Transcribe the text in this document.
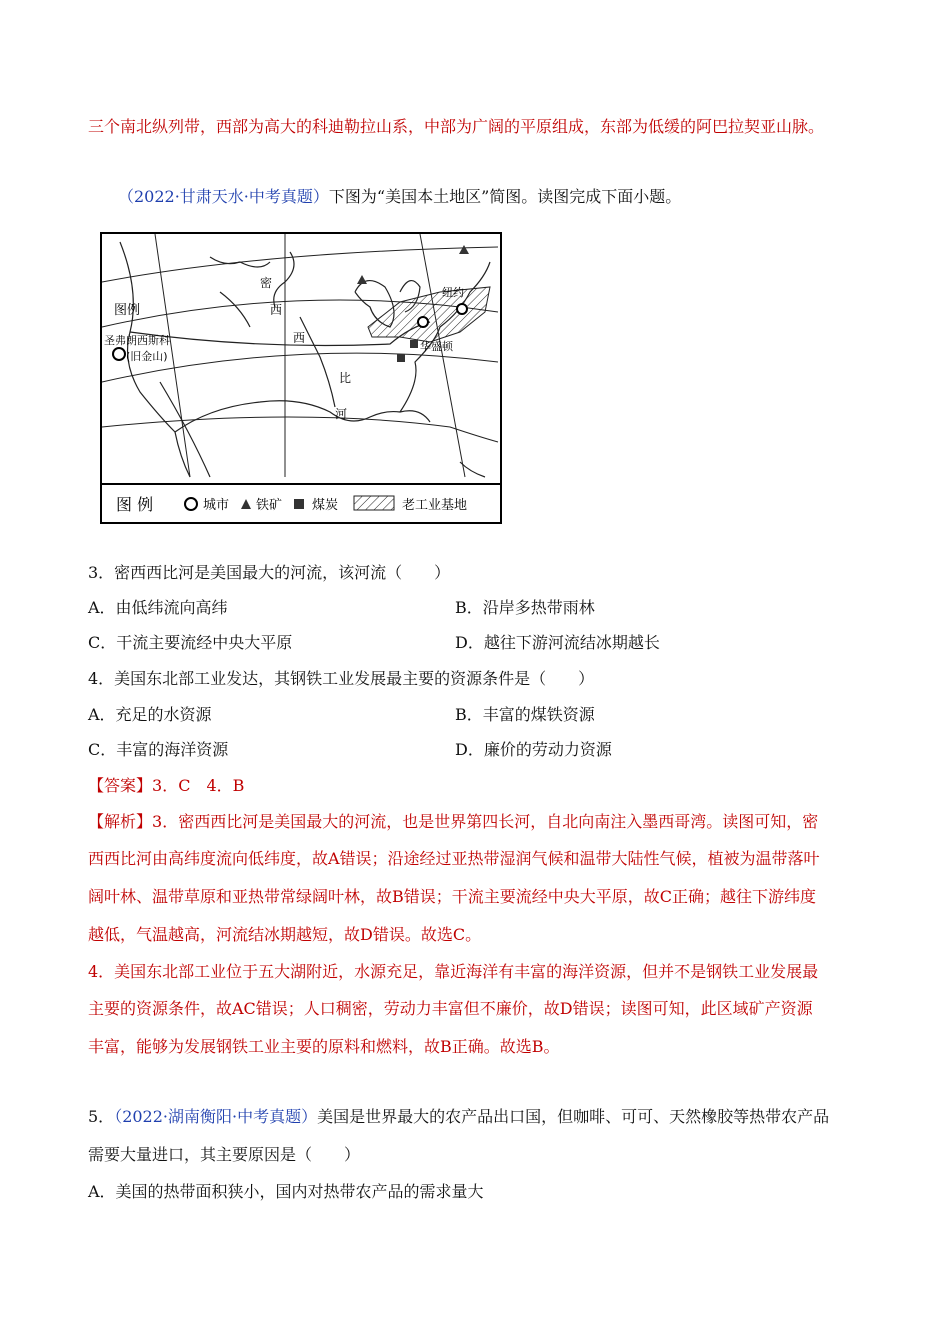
三个南北纵列带，西部为高大的科迪勒拉山系，中部为广阔的平原组成，东部为低缓的阿巴拉契亚山脉。
（2022·甘肃天水·中考真题）下图为“美国本土地区”简图。读图完成下面小题。
图例
圣弗朗西斯科
(旧金山)
密
西
西
比
河
纽约
华盛顿
图 例	城市 铁矿 煤炭	老工业基地
3．密西西比河是美国最大的河流，该河流（　　）
A．由低纬流向高纬	B．沿岸多热带雨林
C．干流主要流经中央大平原	D．越往下游河流结冰期越长
4．美国东北部工业发达，其钢铁工业发展最主要的资源条件是（　　）
A．充足的水资源	B．丰富的煤铁资源
C．丰富的海洋资源	D．廉价的劳动力资源
【答案】3．C　4．B
【解析】3．密西西比河是美国最大的河流，也是世界第四长河，自北向南注入墨西哥湾。读图可知，密
西西比河由高纬度流向低纬度，故A错误；沿途经过亚热带湿润气候和温带大陆性气候，植被为温带落叶
阔叶林、温带草原和亚热带常绿阔叶林，故B错误；干流主要流经中央大平原，故C正确；越往下游纬度
越低，气温越高，河流结冰期越短，故D错误。故选C。
4．美国东北部工业位于五大湖附近，水源充足，靠近海洋有丰富的海洋资源，但并不是钢铁工业发展最
主要的资源条件，故AC错误；人口稠密，劳动力丰富但不廉价，故D错误；读图可知，此区域矿产资源
丰富，能够为发展钢铁工业主要的原料和燃料，故B正确。故选B。
5．（2022·湖南衡阳·中考真题）美国是世界最大的农产品出口国，但咖啡、可可、天然橡胶等热带农产品
需要大量进口，其主要原因是（　　）
A．美国的热带面积狭小，国内对热带农产品的需求量大
